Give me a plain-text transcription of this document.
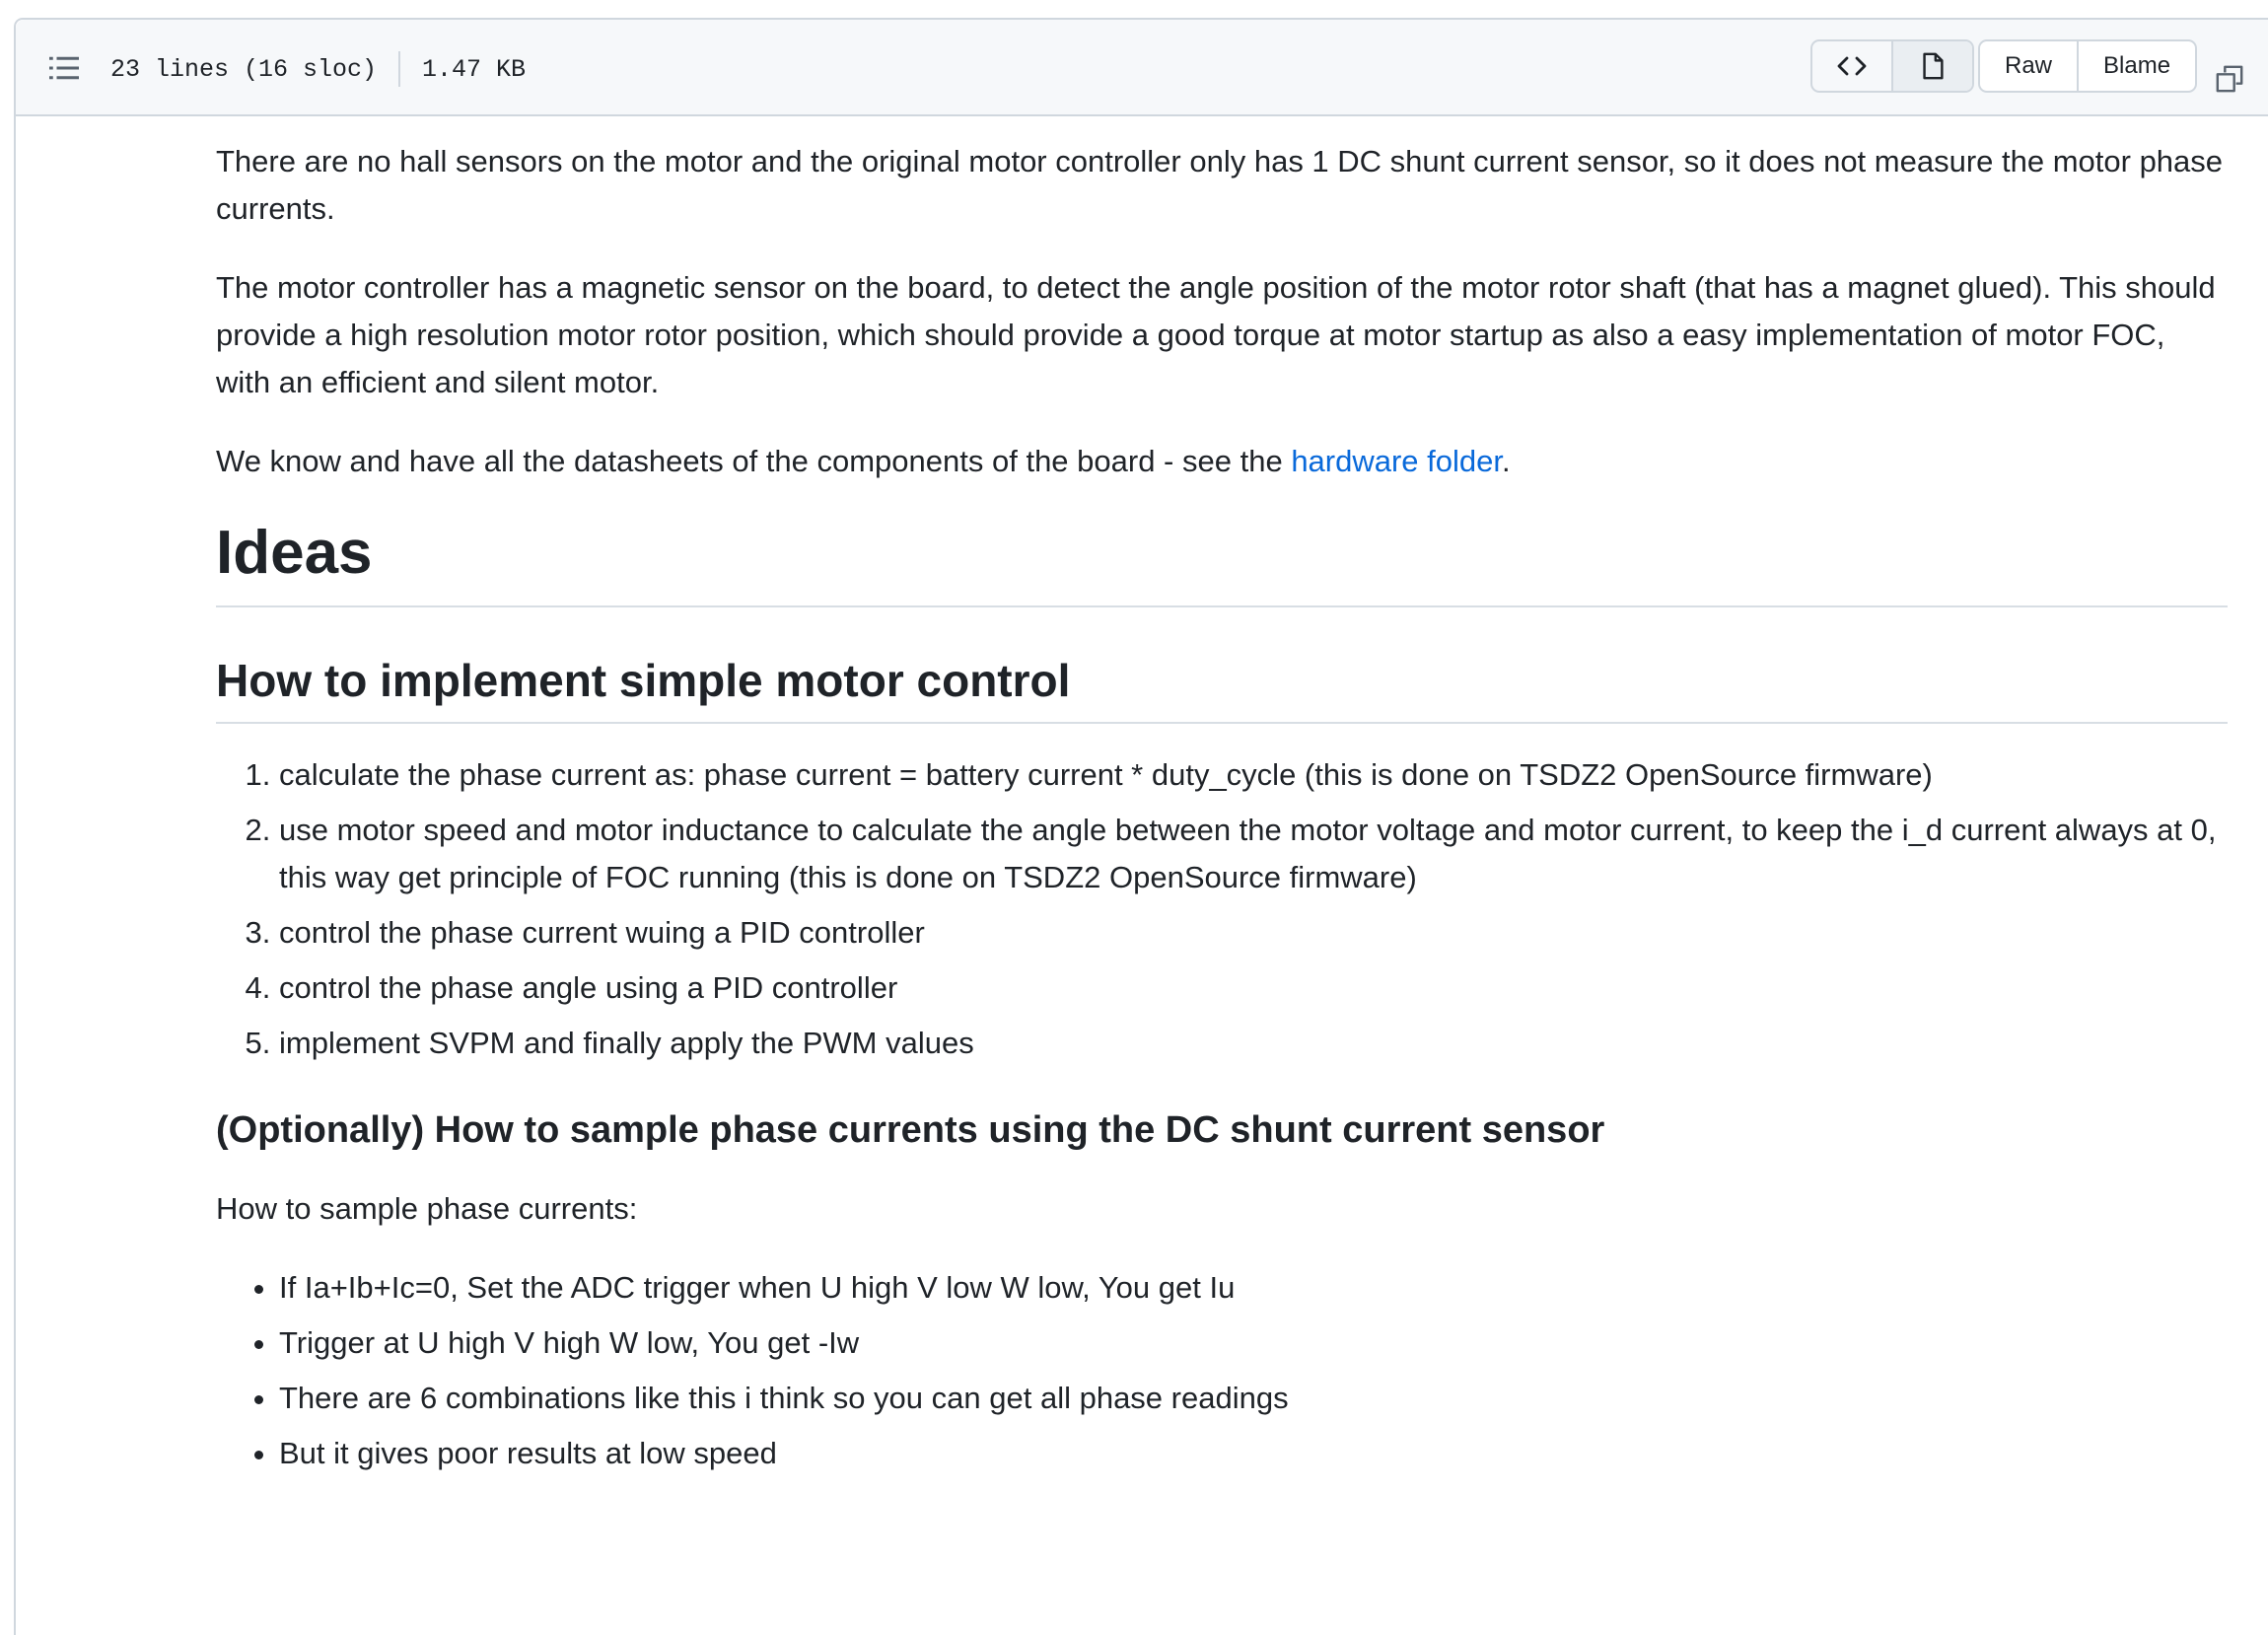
23 lines (16 sloc) 1.47 KB	Raw	Blame

There are no hall sensors on the motor and the original motor controller only has 1 DC shunt current sensor, so it does not measure the motor phase currents.

The motor controller has a magnetic sensor on the board, to detect the angle position of the motor rotor shaft (that has a magnet glued). This should provide a high resolution motor rotor position, which should provide a good torque at motor startup as also a easy implementation of motor FOC, with an efficient and silent motor.

We know and have all the datasheets of the components of the board - see the hardware folder.

Ideas
How to implement simple motor control
1. calculate the phase current as: phase current = battery current * duty_cycle (this is done on TSDZ2 OpenSource firmware)
2. use motor speed and motor inductance to calculate the angle between the motor voltage and motor current, to keep the i_d current always at 0, this way get principle of FOC running (this is done on TSDZ2 OpenSource firmware)
3. control the phase current wuing a PID controller
4. control the phase angle using a PID controller
5. implement SVPM and finally apply the PWM values
(Optionally) How to sample phase currents using the DC shunt current sensor

How to sample phase currents:

• If Ia+Ib+Ic=0, Set the ADC trigger when U high V low W low, You get Iu
• Trigger at U high V high W low, You get -Iw
• There are 6 combinations like this i think so you can get all phase readings
• But it gives poor results at low speed
